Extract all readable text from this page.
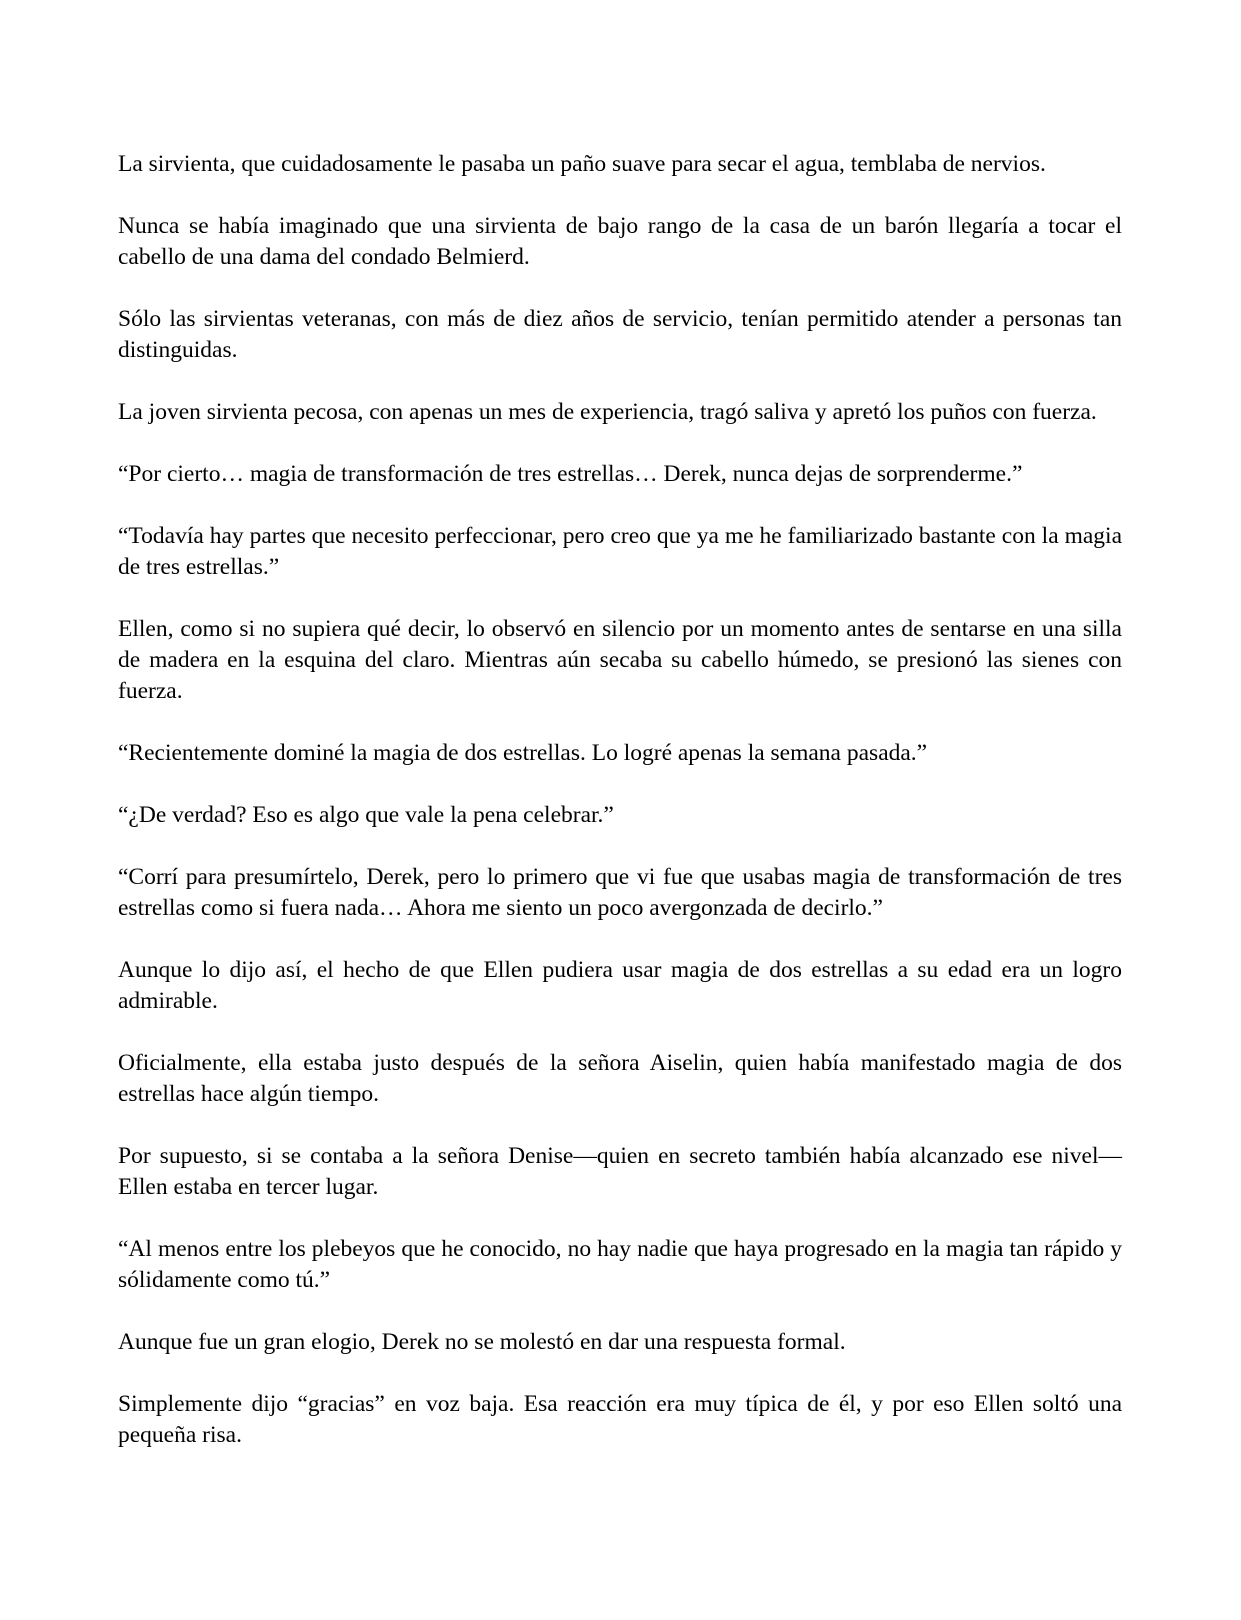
La sirvienta, que cuidadosamente le pasaba un paño suave para secar el agua, temblaba de nervios.

Nunca se había imaginado que una sirvienta de bajo rango de la casa de un barón llegaría a tocar el cabello de una dama del condado Belmierd.

Sólo las sirvientas veteranas, con más de diez años de servicio, tenían permitido atender a personas tan distinguidas.

La joven sirvienta pecosa, con apenas un mes de experiencia, tragó saliva y apretó los puños con fuerza.

“Por cierto… magia de transformación de tres estrellas… Derek, nunca dejas de sorprenderme.”

“Todavía hay partes que necesito perfeccionar, pero creo que ya me he familiarizado bastante con la magia de tres estrellas.”

Ellen, como si no supiera qué decir, lo observó en silencio por un momento antes de sentarse en una silla de madera en la esquina del claro. Mientras aún secaba su cabello húmedo, se presionó las sienes con fuerza.

“Recientemente dominé la magia de dos estrellas. Lo logré apenas la semana pasada.”

“¿De verdad? Eso es algo que vale la pena celebrar.”

“Corrí para presumírtelo, Derek, pero lo primero que vi fue que usabas magia de transformación de tres estrellas como si fuera nada… Ahora me siento un poco avergonzada de decirlo.”

Aunque lo dijo así, el hecho de que Ellen pudiera usar magia de dos estrellas a su edad era un logro admirable.

Oficialmente, ella estaba justo después de la señora Aiselin, quien había manifestado magia de dos estrellas hace algún tiempo.

Por supuesto, si se contaba a la señora Denise—quien en secreto también había alcanzado ese nivel—Ellen estaba en tercer lugar.

“Al menos entre los plebeyos que he conocido, no hay nadie que haya progresado en la magia tan rápido y sólidamente como tú.”

Aunque fue un gran elogio, Derek no se molestó en dar una respuesta formal.

Simplemente dijo “gracias” en voz baja. Esa reacción era muy típica de él, y por eso Ellen soltó una pequeña risa.
